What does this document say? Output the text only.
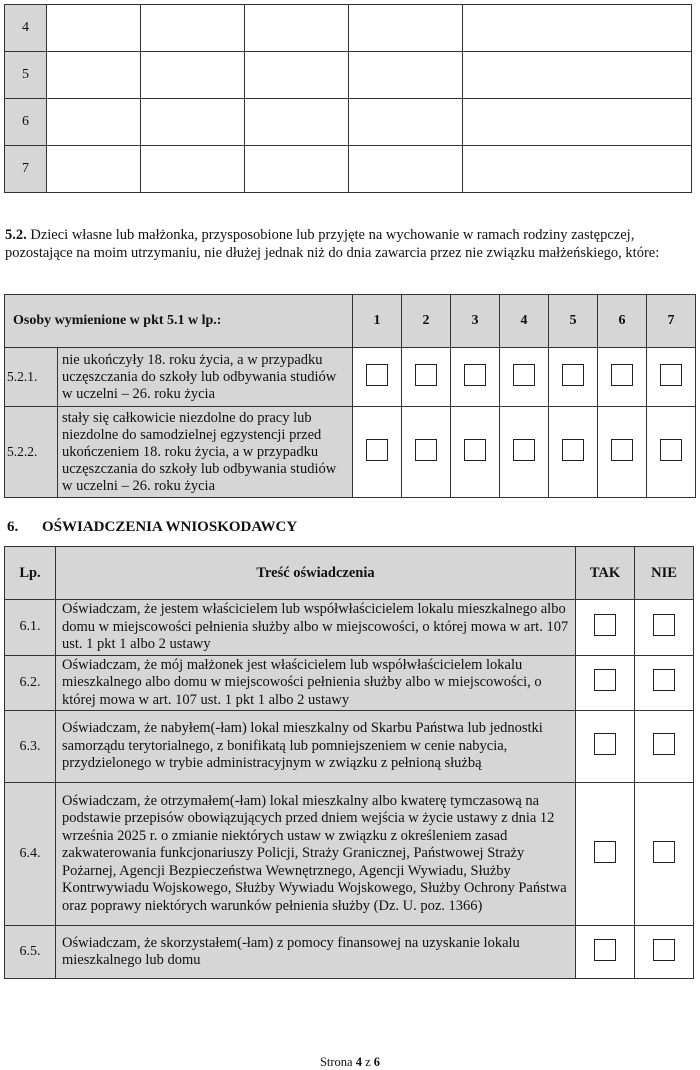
4					
5					
6					
7					
5.2. Dzieci własne lub małżonka, przysposobione lub przyjęte na wychowanie w ramach rodziny zastępczej, pozostające na moim utrzymaniu, nie dłużej jednak niż do dnia zawarcia przez nie związku małżeńskiego, które:
Osoby wymienione w pkt 5.1 w lp.:		1	2	3	4	5	6	7
5.2.1.	nie ukończyły 18. roku życia, a w przypadku uczęszczania do szkoły lub odbywania studiów w uczelni – 26. roku życia							
5.2.2.	stały się całkowicie niezdolne do pracy lub niezdolne do samodzielnej egzystencji przed ukończeniem 18. roku życia, a w przypadku uczęszczania do szkoły lub odbywania studiów w uczelni – 26. roku życia							
6. OŚWIADCZENIA WNIOSKODAWCY
Lp.	Treść oświadczenia	TAK	NIE
6.1.	Oświadczam, że jestem właścicielem lub współwłaścicielem lokalu mieszkalnego albo domu w miejscowości pełnienia służby albo w miejscowości, o której mowa w art. 107 ust. 1 pkt 1 albo 2 ustawy		
6.2.	Oświadczam, że mój małżonek jest właścicielem lub współwłaścicielem lokalu mieszkalnego albo domu w miejscowości pełnienia służby albo w miejscowości, o której mowa w art. 107 ust. 1 pkt 1 albo 2 ustawy		
6.3.	Oświadczam, że nabyłem(-łam) lokal mieszkalny od Skarbu Państwa lub jednostki samorządu terytorialnego, z bonifikatą lub pomniejszeniem w cenie nabycia, przydzielonego w trybie administracyjnym w związku z pełnioną służbą		
6.4.	Oświadczam, że otrzymałem(-łam) lokal mieszkalny albo kwaterę tymczasową na podstawie przepisów obowiązujących przed dniem wejścia w życie ustawy z dnia 12 września 2025 r. o zmianie niektórych ustaw w związku z określeniem zasad zakwaterowania funkcjonariuszy Policji, Straży Granicznej, Państwowej Straży Pożarnej, Agencji Bezpieczeństwa Wewnętrznego, Agencji Wywiadu, Służby Kontrwywiadu Wojskowego, Służby Wywiadu Wojskowego, Służby Ochrony Państwa oraz poprawy niektórych warunków pełnienia służby (Dz. U. poz. 1366)		
6.5.	Oświadczam, że skorzystałem(-łam) z pomocy finansowej na uzyskanie lokalu mieszkalnego lub domu		
Strona 4 z 6
